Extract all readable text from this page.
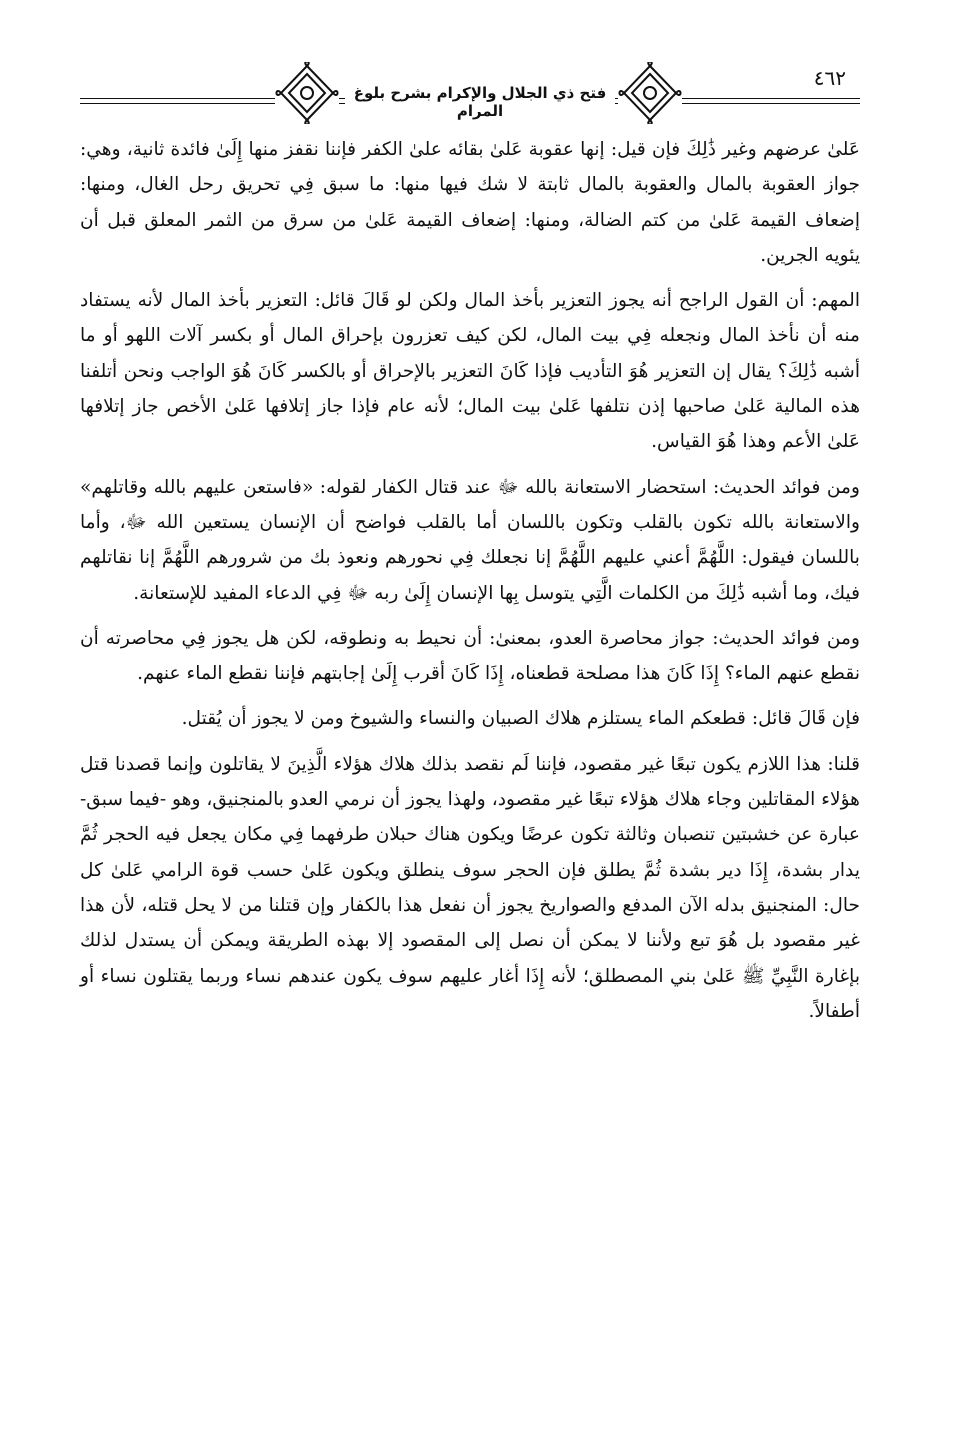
فتح ذي الجلال والإكرام بشرح بلوغ المرام
٤٦٢

عَلىٰ عرضهم وغير ذَٰلِكَ فإن قيل: إنها عقوبة عَلىٰ بقائه علىٰ الكفر فإننا نقفز منها إِلَىٰ فائدة ثانية، وهي: جواز العقوبة بالمال والعقوبة بالمال ثابتة لا شك فيها منها: ما سبق فِي تحريق رحل الغال، ومنها: إضعاف القيمة عَلىٰ من كتم الضالة، ومنها: إضعاف القيمة عَلىٰ من سرق من الثمر المعلق قبل أن يئويه الجرين.

المهم: أن القول الراجح أنه يجوز التعزير بأخذ المال ولكن لو قَالَ قائل: التعزير بأخذ المال لأنه يستفاد منه أن نأخذ المال ونجعله فِي بيت المال، لكن كيف تعزرون بإحراق المال أو بكسر آلات اللهو أو ما أشبه ذَٰلِكَ؟ يقال إن التعزير هُوَ التأديب فإذا كَانَ التعزير بالإحراق أو بالكسر كَانَ هُوَ الواجب ونحن أتلفنا هذه المالية عَلىٰ صاحبها إذن نتلفها عَلىٰ بيت المال؛ لأنه عام فإذا جاز إتلافها عَلىٰ الأخص جاز إتلافها عَلىٰ الأعم وهذا هُوَ القياس.

ومن فوائد الحديث: استحضار الاستعانة بالله ﷻ عند قتال الكفار لقوله: «فاستعن عليهم بالله وقاتلهم» والاستعانة بالله تكون بالقلب وتكون باللسان أما بالقلب فواضح أن الإنسان يستعين الله ﷻ، وأما باللسان فيقول: اللَّهُمَّ أعني عليهم اللَّهُمَّ إنا نجعلك فِي نحورهم ونعوذ بك من شرورهم اللَّهُمَّ إنا نقاتلهم فيك، وما أشبه ذَٰلِكَ من الكلمات الَّتِي يتوسل بِها الإنسان إِلَىٰ ربه ﷻ فِي الدعاء المفيد للإستعانة.

ومن فوائد الحديث: جواز محاصرة العدو، بمعنىٰ: أن نحيط به ونطوقه، لكن هل يجوز فِي محاصرته أن نقطع عنهم الماء؟ إِذَا كَانَ هذا مصلحة قطعناه، إِذَا كَانَ أقرب إِلَىٰ إجابتهم فإننا نقطع الماء عنهم.

فإن قَالَ قائل: قطعكم الماء يستلزم هلاك الصبيان والنساء والشيوخ ومن لا يجوز أن يُقتل.

قلنا: هذا اللازم يكون تبعًا غير مقصود، فإننا لَم نقصد بذلك هلاك هؤلاء الَّذِينَ لا يقاتلون وإنما قصدنا قتل هؤلاء المقاتلين وجاء هلاك هؤلاء تبعًا غير مقصود، ولهذا يجوز أن نرمي العدو بالمنجنيق، وهو -فيما سبق- عبارة عن خشبتين تنصبان وثالثة تكون عرضًا ويكون هناك حبلان طرفهما فِي مكان يجعل فيه الحجر ثُمَّ يدار بشدة، إِذَا دير بشدة ثُمَّ يطلق فإن الحجر سوف ينطلق ويكون عَلىٰ حسب قوة الرامي عَلىٰ كل حال: المنجنيق بدله الآن المدفع والصواريخ يجوز أن نفعل هذا بالكفار وإن قتلنا من لا يحل قتله، لأن هذا غير مقصود بل هُوَ تبع ولأننا لا يمكن أن نصل إلى المقصود إلا بهذه الطريقة ويمكن أن يستدل لذلك بإغارة النَّبِيِّ ﷺ عَلىٰ بني المصطلق؛ لأنه إِذَا أغار عليهم سوف يكون عندهم نساء وربما يقتلون نساء أو أطفالاً.
